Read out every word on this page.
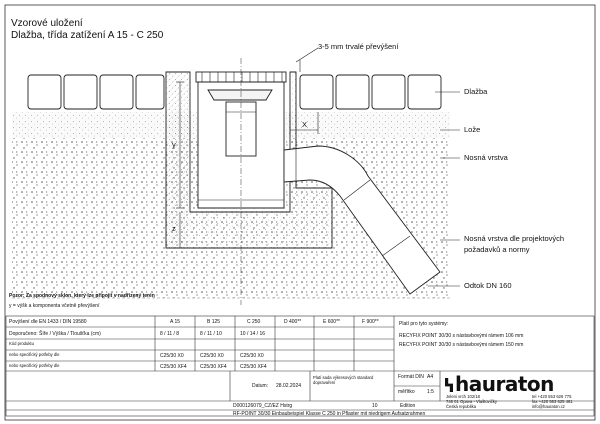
Vzorové uložení
Dlažba, třída zatížení A 15 - C 250
3-5 mm trvalé převýšení
Dlažba
Lože
Nosná vrstva
Nosná vrstva dle projektových
požadavků a normy
Odtok DN 160
y
z
X
Pozor: Za spodnový sklon, který lze připojit v nadřízený terén
y = výšk a komponenta včetně převýšení
Povýšení dle EN 1433 / DIN 19580	A 15	B 125	C 250	D 400**	E 600**	F 900**
Doporučeno: Šíře / Výška / Tloušťka (cm)	8 / 11 / 8	8 / 11 / 10	10 / 14 / 16
Kód produktu
nebo specifický potřeby dle	C25/30 X0	C25/30 X0	C25/30 X0
nebo specifický potřeby dle	C25/30 XF4	C25/30 XF4	C25/30 XF4
Platí pro tyto systémy:
RECYFIX POINT 30/30 s nástavbovými rámem 106 mm
RECYFIX POINT 30/30 s nástavbovými rámem 150 mm
Datum: 28.02.2024
Platí sada výkresových standard dopravaření
10	Edition
Formát DIN A4
měřítko 1:5
D000126079_CZ/EZ Hstrg
RF-POINT 30/30 Einbaubeispiel Klasse C 250 in Pflaster mit niedrigem Aufsatzrahmen
hauraton
Jeleni vrch 102/18
746 01 Opava - Vlaštovičky
Česká republika
tel +420 553 626 775
fax +420 553 625 461
info@hauraton.cz
